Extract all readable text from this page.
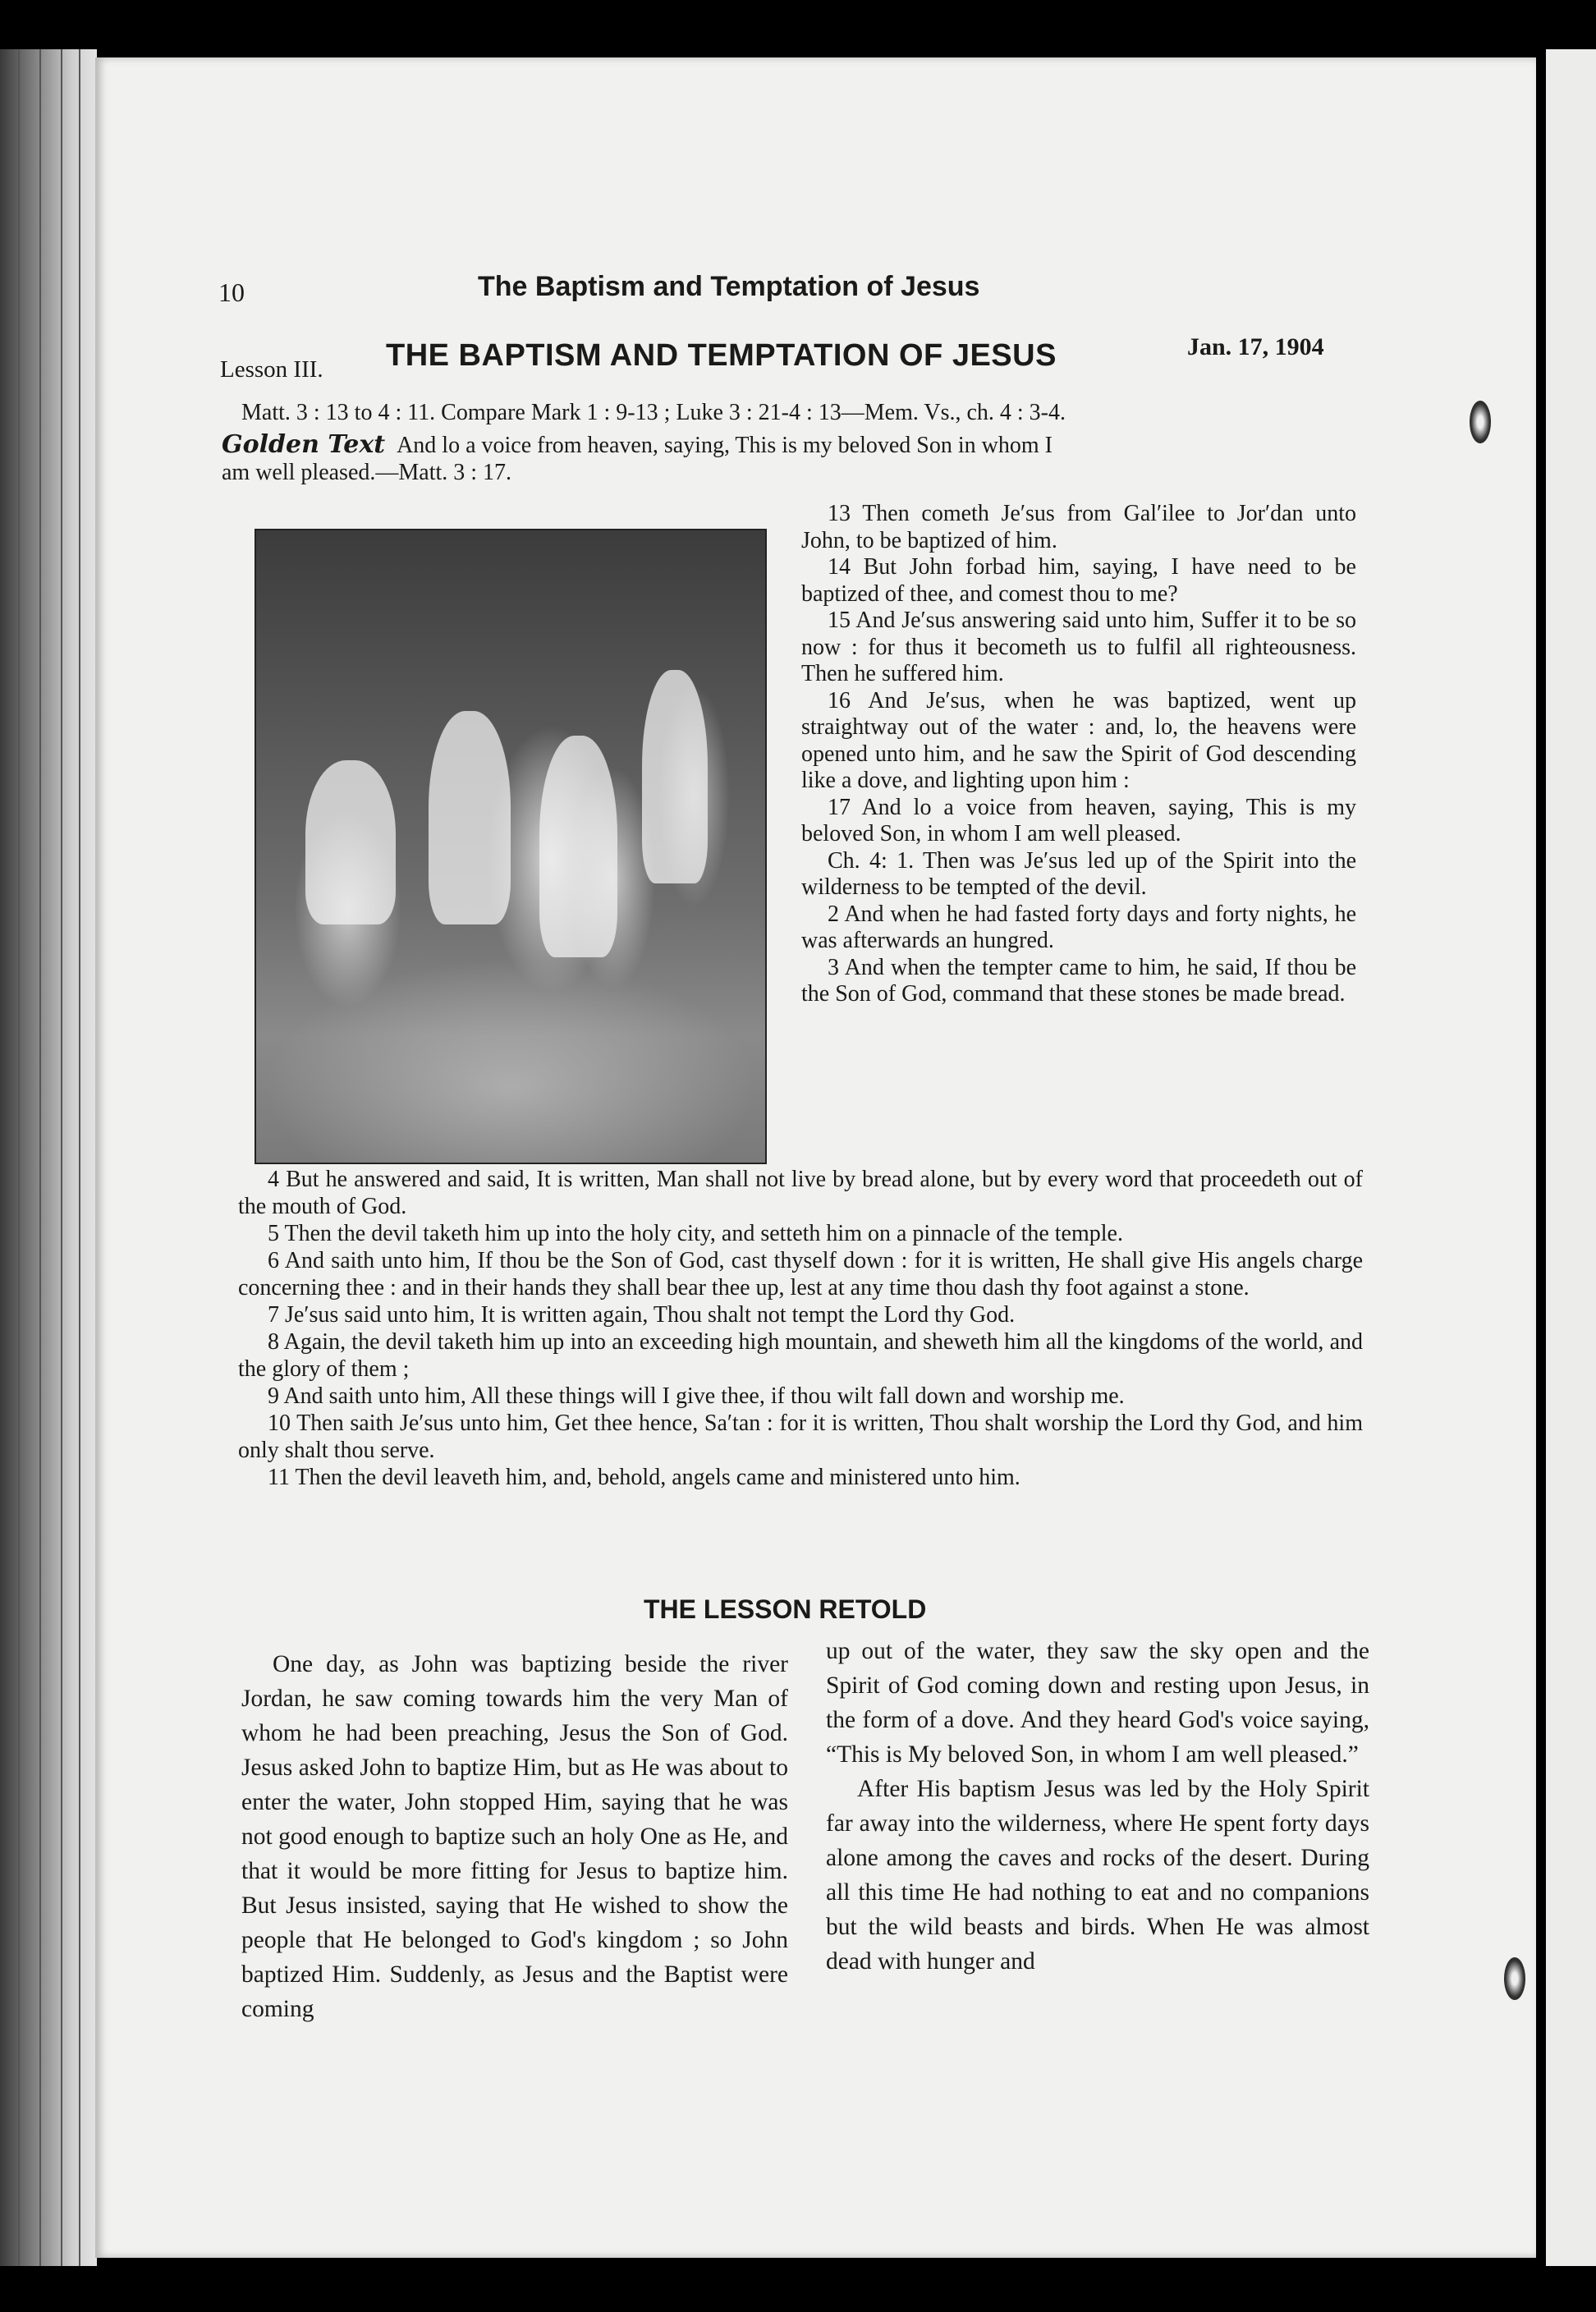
10	The Baptism and Temptation of Jesus
Lesson III. THE BAPTISM AND TEMPTATION OF JESUS	Jan. 17, 1904
Matt. 3 : 13 to 4 : 11. Compare Mark 1 : 9-13 ; Luke 3 : 21-4 : 13—Mem. Vs., ch. 4 : 3-4.
Golden Text And lo a voice from heaven, saying, This is my beloved Son in whom I
am well pleased.—Matt. 3 : 17.

13 Then cometh Je′sus from Gal′ilee to Jor′dan unto John, to be baptized of him.

14 But John forbad him, saying, I have need to be baptized of thee, and comest thou to me?

15 And Je′sus answering said unto him, Suffer it to be so now : for thus it becometh us to fulfil all righteousness. Then he suffered him.

16 And Je′sus, when he was baptized, went up straightway out of the water : and, lo, the heavens were opened unto him, and he saw the Spirit of God descending like a dove, and lighting upon him :

17 And lo a voice from heaven, saying, This is my beloved Son, in whom I am well pleased.

Ch. 4: 1. Then was Je′sus led up of the Spirit into the wilderness to be tempted of the devil.

2 And when he had fasted forty days and forty nights, he was afterwards an hungred.

3 And when the tempter came to him, he said, If thou be the Son of God, command that these stones be made bread.

4 But he answered and said, It is written, Man shall not live by bread alone, but by every word that proceedeth out of the mouth of God.

5 Then the devil taketh him up into the holy city, and setteth him on a pinnacle of the temple.

6 And saith unto him, If thou be the Son of God, cast thyself down : for it is written, He shall give His angels charge concerning thee : and in their hands they shall bear thee up, lest at any time thou dash thy foot against a stone.

7 Je′sus said unto him, It is written again, Thou shalt not tempt the Lord thy God.

8 Again, the devil taketh him up into an exceeding high mountain, and sheweth him all the kingdoms of the world, and the glory of them ;

9 And saith unto him, All these things will I give thee, if thou wilt fall down and worship me.

10 Then saith Je′sus unto him, Get thee hence, Sa′tan : for it is written, Thou shalt worship the Lord thy God, and him only shalt thou serve.

11 Then the devil leaveth him, and, behold, angels came and ministered unto him.

THE LESSON RETOLD

One day, as John was baptizing beside the river Jordan, he saw coming towards him the very Man of whom he had been preaching, Jesus the Son of God. Jesus asked John to baptize Him, but as He was about to enter the water, John stopped Him, saying that he was not good enough to baptize such an holy One as He, and that it would be more fitting for Jesus to baptize him. But Jesus insisted, saying that He wished to show the people that He belonged to God's kingdom ; so John baptized Him. Suddenly, as Jesus and the Baptist were coming

up out of the water, they saw the sky open and the Spirit of God coming down and resting upon Jesus, in the form of a dove. And they heard God's voice saying, “This is My beloved Son, in whom I am well pleased.”

After His baptism Jesus was led by the Holy Spirit far away into the wilderness, where He spent forty days alone among the caves and rocks of the desert. During all this time He had nothing to eat and no companions but the wild beasts and birds. When He was almost dead with hunger and
